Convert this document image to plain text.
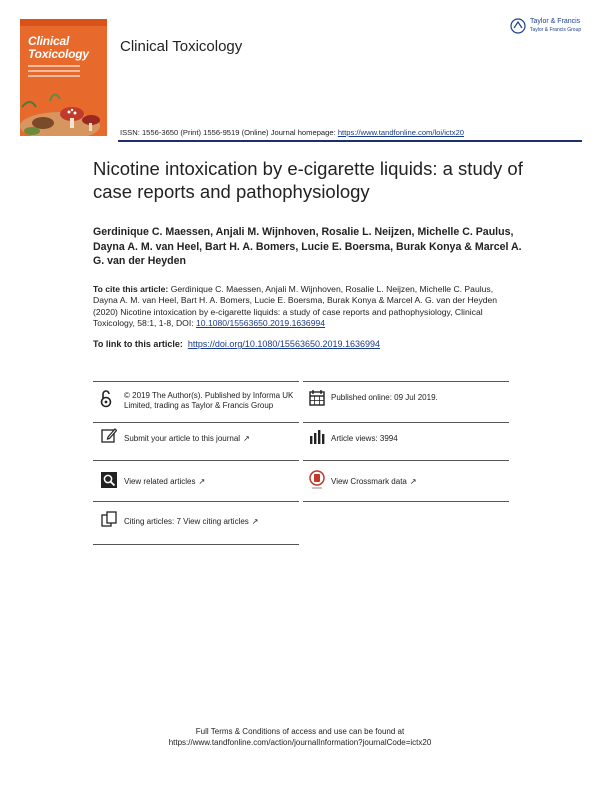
Clinical
Toxicology Clinical Toxicology
Taylor & Francis
Taylor & Francis Group
ISSN: 1556-3650 (Print) 1556-9519 (Online) Journal homepage: https://www.tandfonline.com/loi/ictx20
Nicotine intoxication by e-cigarette liquids: a study of case reports and pathophysiology
Gerdinique C. Maessen, Anjali M. Wijnhoven, Rosalie L. Neijzen, Michelle C. Paulus, Dayna A. M. van Heel, Bart H. A. Bomers, Lucie E. Boersma, Burak Konya & Marcel A. G. van der Heyden
To cite this article: Gerdinique C. Maessen, Anjali M. Wijnhoven, Rosalie L. Neijzen, Michelle C. Paulus, Dayna A. M. van Heel, Bart H. A. Bomers, Lucie E. Boersma, Burak Konya & Marcel A. G. van der Heyden (2020) Nicotine intoxication by e-cigarette liquids: a study of case reports and pathophysiology, Clinical Toxicology, 58:1, 1-8, DOI: 10.1080/15563650.2019.1636994
To link to this article: https://doi.org/10.1080/15563650.2019.1636994
© 2019 The Author(s). Published by Informa UK Limited, trading as Taylor & Francis Group
Published online: 09 Jul 2019.
Submit your article to this journal ↗	Article views: 3994
View related articles ↗	View Crossmark data ↗
Citing articles: 7 View citing articles ↗
Full Terms & Conditions of access and use can be found at
https://www.tandfonline.com/action/journalInformation?journalCode=ictx20
